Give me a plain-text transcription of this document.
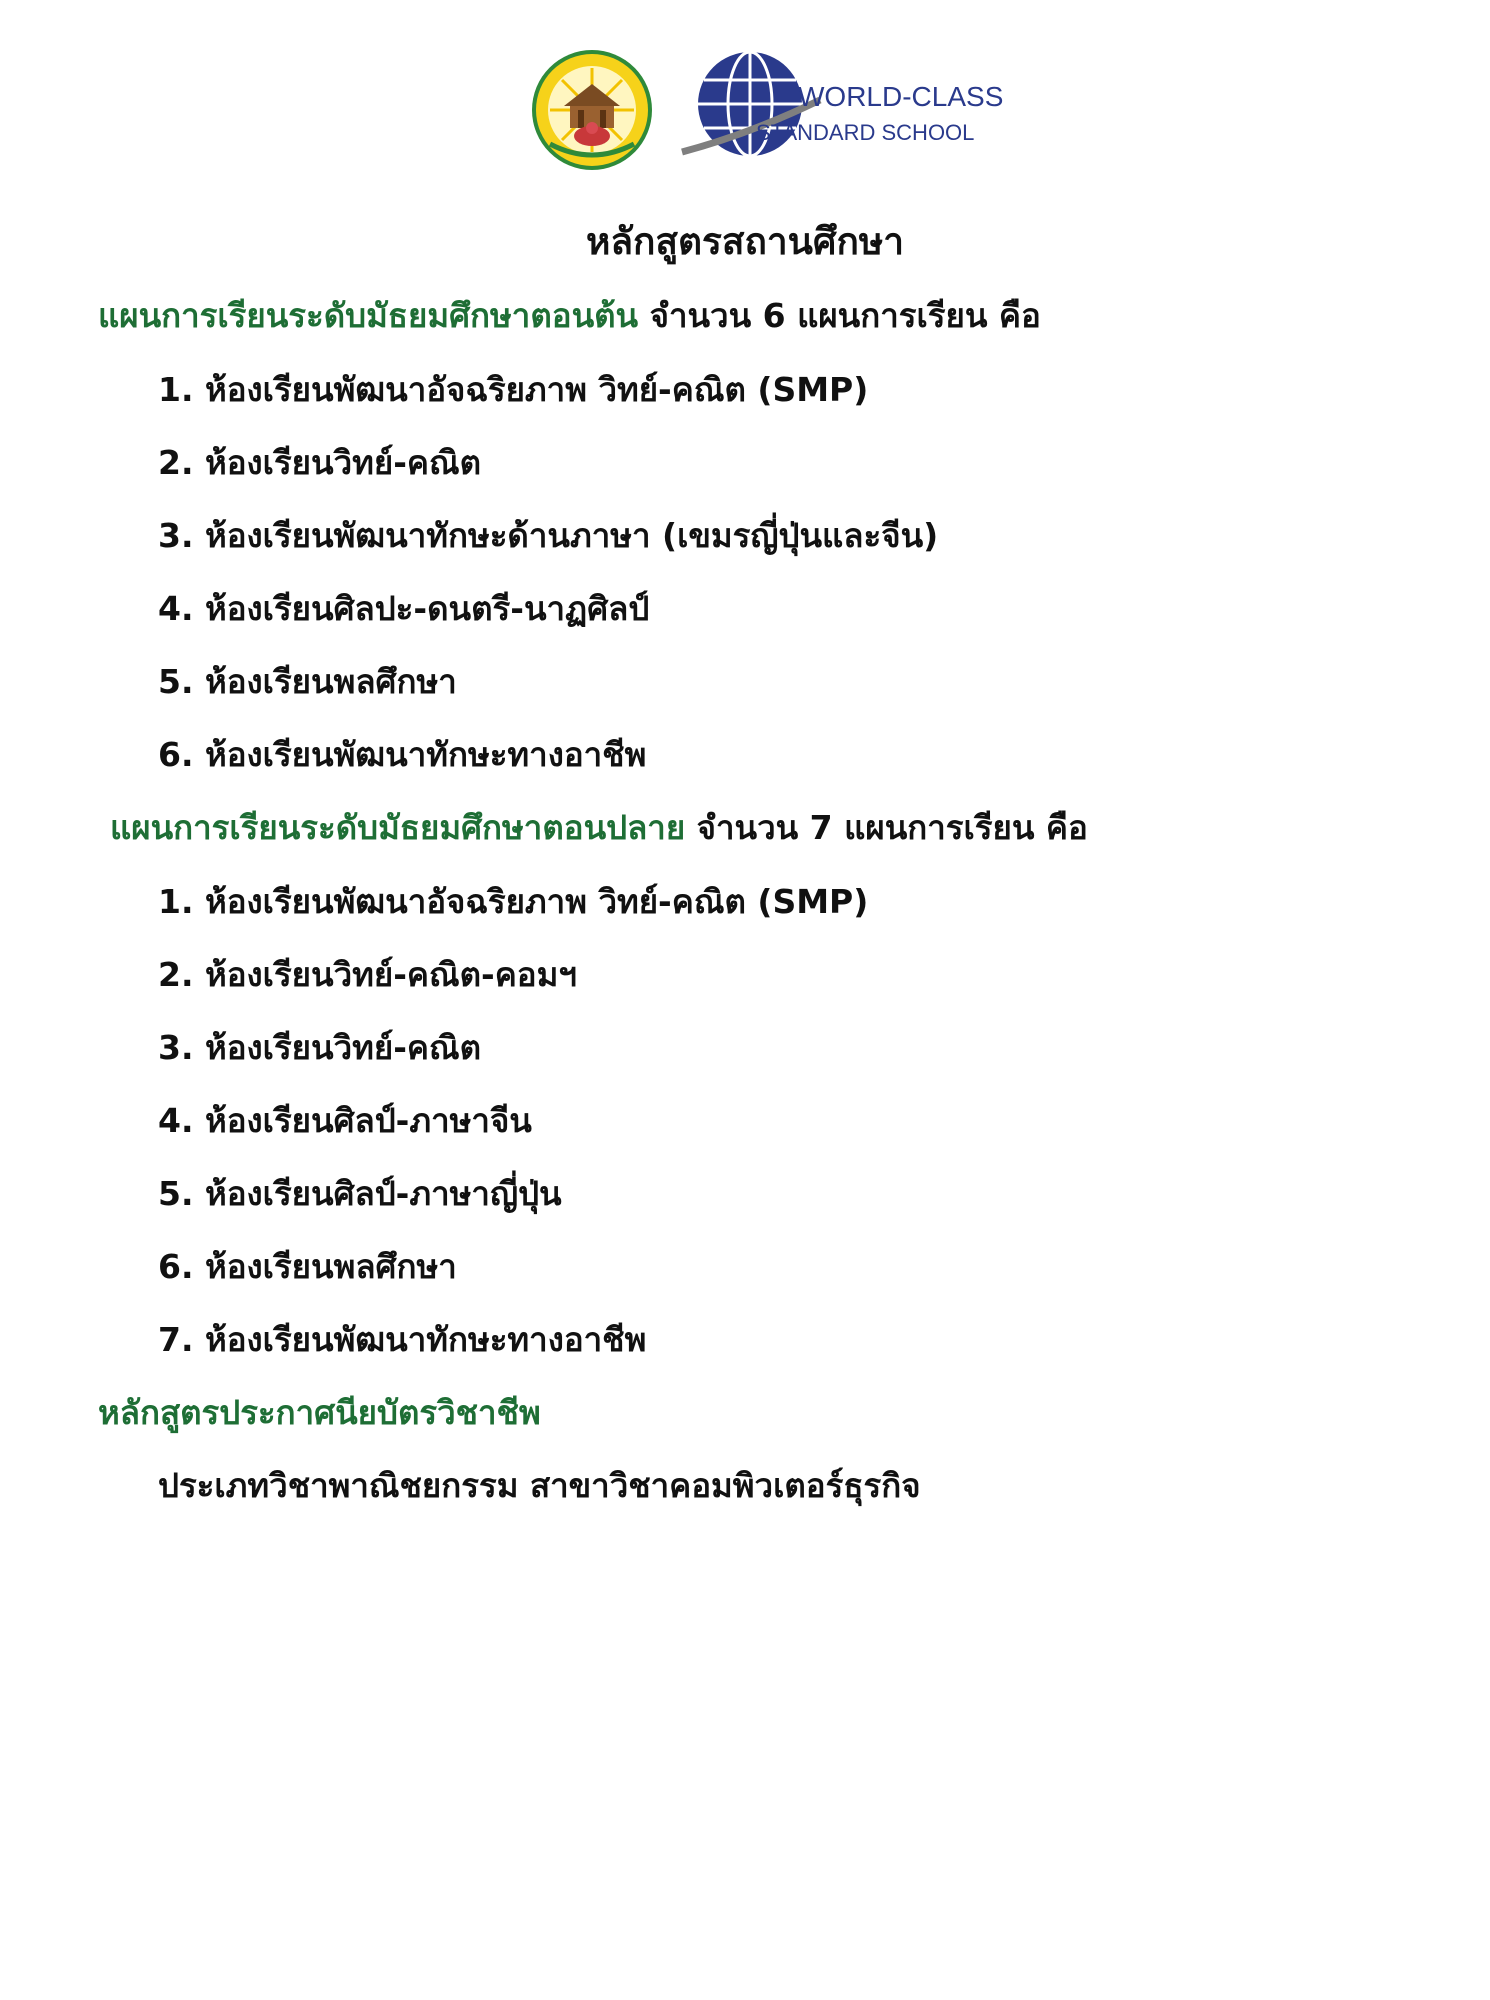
WORLD-CLASS
STANDARD SCHOOL
หลักสูตรสถานศึกษา
แผนการเรียนระดับมัธยมศึกษาตอนต้น จำนวน 6 แผนการเรียน คือ
1. ห้องเรียนพัฒนาอัจฉริยภาพ วิทย์-คณิต (SMP)
2. ห้องเรียนวิทย์-คณิต
3. ห้องเรียนพัฒนาทักษะด้านภาษา (เขมรญี่ปุ่นและจีน)
4. ห้องเรียนศิลปะ-ดนตรี-นาฏศิลป์
5. ห้องเรียนพลศึกษา
6. ห้องเรียนพัฒนาทักษะทางอาชีพ
แผนการเรียนระดับมัธยมศึกษาตอนปลาย จำนวน 7 แผนการเรียน คือ
1. ห้องเรียนพัฒนาอัจฉริยภาพ วิทย์-คณิต (SMP)
2. ห้องเรียนวิทย์-คณิต-คอมฯ
3. ห้องเรียนวิทย์-คณิต
4. ห้องเรียนศิลป์-ภาษาจีน
5. ห้องเรียนศิลป์-ภาษาญี่ปุ่น
6. ห้องเรียนพลศึกษา
7. ห้องเรียนพัฒนาทักษะทางอาชีพ
หลักสูตรประกาศนียบัตรวิชาชีพ
ประเภทวิชาพาณิชยกรรม สาขาวิชาคอมพิวเตอร์ธุรกิจ
